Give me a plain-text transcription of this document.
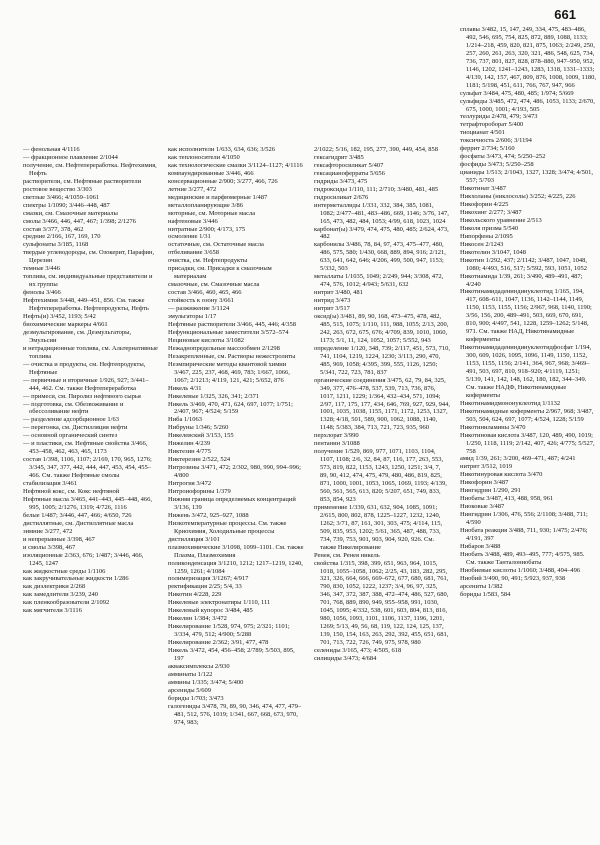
661
— фенольная 4/1116
— фракционное плавление 2/1044
получение, см. Нефтепереработка. Нефтехимия, Нефть
растворители, см. Нефтяные растворители
ростовое вещество 3/303
светлые 3/466; 4/1059–1061
спектры 1/1090; 3/446–448, 487
смазки, см. Смазочные материалы
смолы 3/466, 446, 447, 467; 1/398; 2/1276
состав 3/377, 378, 462
средние 2/166, 167, 169, 170
сульфонаты 3/185, 1168
твердые углеводороды, см. Озокерит, Парафин, Церезин
темные 3/446
топлива, см. индивидуальные представители и их группы
фенолы 3/466
Нефтехимия 3/448, 449–451, 856. См. также Нефтепереработка. Нефтепродукты, Нефть
Нефть(и) 3/452, 1193; 5/42
биохимические маркеры 4/661
деэмульгирование, см. Деэмульгаторы, Эмульсии
и нетрадиционные топлива, см. Альтернативные топлива
— очистка и продукты, см. Нефтепродукты, Нефтяные
— первичные и вторичные 1/926, 927; 3/441–444, 462. См. также Нефтепереработка
— примеси, см. Пиролиз нефтяного сырья
— подготовка, см. Обезвоживание и обессоливание нефти
— разделение адсорбционное 1/63
— перегонка, см. Дистилляция нефти
— основной органический синтез
— и пластики, см. Нефтяные свойства 3/466, 453–458, 462, 463, 465, 1173
состав 1/398, 1106, 1107; 2/169, 170, 965, 1276; 3/345, 347, 377, 442, 444, 447, 453, 454, 455–466. См. также Нефтяные смолы
стабилизация 3/461
Нефтяной кокс, см. Кокс нефтяной
Нефтяные масла 3/465, 441–443, 445–448, 466, 995, 1005; 2/1276, 1319; 4/726, 1116
белые 1/487; 3/446, 447, 466; 4/650, 726
дистиллятные, см. Дистиллятные масла
зимние 3/277, 472
и непрерывные 3/398, 467
и смолы 3/398, 467
изоляционные 2/363, 676; 1/487; 3/446, 466, 1245, 1247
как жидкостные среды 1/1106
как закручивательные жидкости 1/286
как диэлектрики 2/268
как замедлители 3/239, 240
как пленкообразователи 2/1092
как мягчители 3/1116
как исполнители 1/633, 634, 636; 3/526
как теплоносители 4/1050
как технологические смазки 3/1124–1127; 4/1116
компаундированные 3/446, 466
консервационные 2/900; 3/277, 466, 726
летние 3/277, 472
медицинские и парфюмерные 1/487
металлопланирующие 3/86
моторные, см. Моторные масла
нафтеновые 3/446
нитратные 2/900; 4/173, 175
осмоление 1/31
остаточные, см. Остаточные масла
отбеливание 3/658
очистка, см. Нефтепродукты
присадки, см. Присадки к смазочным материалам
смазочные, см. Смазочные масла
состав 3/466, 460, 465, 466
стойкость к озону 3/661
— разжижение 3/1124
эмульгаторы 1/17
Нефтяные растворители 3/466, 445, 446; 4/358
Нефункциональные заместители 3/572–574
Нециновые кислоты 3/1082
Нежаднопредельные массообмен 2/1298
Незакрепленные, см. Растворы нежестролиты
Неэмпирические методы квантовой химии 3/467, 225, 237, 468, 469, 783; 1/667, 1066, 1067; 2/1213; 4/119, 121, 421; 5/652, 876
Никель 4/31
Никелевые 1/325, 326, 341; 2/371
Никель 3/469, 470, 471, 624, 697, 1077; 1/751; 2/407, 967; 4/524; 5/159
Ниба 1/1063
Нибруны 1/346; 5/260
Никелевский 3/153, 155
Нижелин 4/239
Никтезин 4/775
Никтерезин 2/522, 524
Нитрозины 3/471, 472; 2/302, 980, 990, 994–996; 4/800
Нитрогия 3/472
Нитроиофорины 1/379
Нижняя граница определяемых концентраций 3/136, 139
Нижень 3/472, 925–927, 1088
Низкотемпературные процессы. См. также Криохимия, Холодильные процессы
дистилляция 3/101
плазмохимические 3/1098, 1099–1101. См. также Плазма, Плазмохимия
поликонденсация 3/1210, 1212; 1217–1219, 1240, 1259, 1261; 4/1084
полимеризация 3/1267; 4/917
ректификация 2/25; 5/4, 33
Никотин 4/228, 229
Никелевые электронатиры 1/110, 111
Никелевый купорос 3/484, 485
Никелин 1/384; 3/472
Никелирование 1/528, 974, 975; 2/321; 1101; 3/334, 479, 512; 4/900; 5/288
Никелирование 2/362; 3/91, 477, 478
Никель 3/472, 454, 456–458; 2/789; 5/503, 895, 197
акваксимплексы 2/930
амминаты 1/122
аммины 1/335; 3/474; 5/400
арсениды 5/609
бориды 1/703; 3/473
галогениды 3/478, 79, 89, 90, 346, 474, 477, 479–481, 512, 576, 1019; 1/341, 667, 668, 673, 970, 974, 983;
2/1022; 5/16, 182, 195, 277, 390, 449, 454, 858
гексагидрит 3/485
гексафторосиликат 5/407
гексацианоферраты 5/656
гидриды 3/473, 475
гидроксиды 1/110, 111; 2/710; 3/480, 481, 485
гидросиликат 2/676
интерметаллиды 1/331, 332, 384, 385, 1081, 1082; 2/477–481, 483–486, 669, 1146; 3/76, 147, 165, 473, 482, 484, 1053; 4/99, 618, 1023, 1024
карбонат(ы) 3/479, 474, 475, 480, 485; 2/624, 473, 482
карбонилы 3/486, 78, 84, 97, 473, 475–477, 480, 486, 575, 580; 1/430, 668, 889, 894, 916; 2/121, 633, 641, 642, 646; 4/206, 499, 500, 947, 1153; 5/332, 503
металлаты 1/1035, 1049; 2/249, 944; 3/308, 472, 474, 576, 1012; 4/943; 5/631, 632
нитрит 3/480, 481
нитрид 3/473
нитрит 3/517
оксид(ы) 3/481, 89, 90, 168, 473–475, 478, 482, 485, 515, 1075; 1/110, 111, 988, 1055; 2/13, 200, 242, 263, 672, 675, 676; 4/709, 839, 1010, 1060, 1173; 5/1, 11, 124, 1052, 1057; 5/552, 943
определение 1/120, 348, 739; 2/117, 451, 573, 710, 741, 1104, 1219, 1224, 1230; 3/113, 290, 470, 485, 969, 1058; 4/395, 399, 555, 1126, 1250; 5/341, 722, 723, 781, 837
органические соединения 3/475, 62, 79, 84, 325, 349, 377, 476–478, 537, 539, 713, 736, 876, 1017, 1211, 1229; 1/364, 432–434, 571, 1094; 2/97, 117, 175, 177, 434, 646, 769, 927, 929, 944, 1001, 1035, 1038, 1155, 1171, 1172, 1253, 1327, 1328; 4/18, 501, 589, 900, 1062, 1088, 1140, 1148; 5/383, 384, 713, 721, 723, 935, 960
перхлорат 3/990
пентанин 3/1088
получение 1/529, 869, 977, 1071, 1103, 1104, 1107, 1108; 2/6, 32, 84, 87, 116, 177, 263, 553, 573, 819, 822, 1153, 1243, 1250, 1251; 3/4, 7, 89, 90, 412, 474, 475, 479, 480, 486, 819, 825, 871, 1000, 1001, 1053, 1065, 1069, 1193; 4/139, 560, 561, 565, 613, 820; 5/207, 651, 749, 833, 853, 854, 923
применение 1/339, 631, 632, 904, 1085, 1091; 2/615, 800, 802, 878, 1225–1227, 1232, 1240, 1262; 3/71, 87, 161, 301, 303, 475; 4/114, 115, 509, 835, 953, 1202; 5/61, 365, 487, 488, 733, 734, 739, 753, 901, 903, 904, 920, 926. См. также Никелирование
Ренея, см. Ренея никель
свойства 1/315, 398, 399, 651, 963, 964, 1015, 1018, 1055–1058, 1062; 2/25, 43, 183, 282, 295, 321, 326, 664, 666, 669–672, 677, 680, 681, 761, 790, 830, 1052, 1222, 1237; 3/4, 96, 97, 325, 346, 347, 372, 387, 388, 472–474, 486, 527, 680, 701, 768, 889, 890, 949, 955–958, 991, 1030, 1045, 1095; 4/332, 538, 601, 603, 804, 813, 816, 980, 1056, 1093, 1101, 1106, 1137, 1196, 1201, 1269; 5/13, 49, 56, 68, 119, 122, 124, 125, 137, 139, 150, 154, 163, 263, 292, 392, 455, 651, 681, 701, 713, 722, 726, 749, 975, 978, 980
селениды 3/165, 473; 4/505, 618
силициды 3/473; 4/684
сплавы 3/482, 15, 147, 249, 334, 475, 483–486, 492, 546, 695, 754, 825, 872, 889, 1088, 1133; 1/214–218, 459, 820, 821, 875, 1063; 2/249, 250, 257, 260, 261, 263, 320, 321, 486, 548, 625, 734, 736, 737, 801, 827, 828, 878–880, 947–950, 952, 1146, 1202, 1241–1243, 1283, 1318, 1331–1333; 4/139, 142, 157, 467, 809, 876, 1008, 1009, 1180, 1181; 5/198, 451, 611, 766, 767, 947, 966
сульфат 3/484, 475, 480, 485; 1/974; 5/669
сульфиды 3/485, 472, 474, 486, 1053, 1133; 2/670, 675, 1000, 1001; 4/193, 505
теллуриды 2/478, 479; 3/473
тетрафтороборат 5/400
тиоцианат 4/501
токсичность 2/606; 3/1194
феррит 2/734; 5/160
фосфаты 3/473, 474; 5/250–252
фосфиды 3/473; 5/250–258
цианиды 1/513; 2/1043, 1327, 1328; 3/474; 4/501, 557; 5/703
Никотинат 3/487
Никхоланы (никлосолы) 3/252; 4/225, 226
Никофорин 4/225
Никохинг 2/277; 3/487
Никольского уравнение 2/513
Николя призма 5/540
Нипорфены 2/1095
Никосен 2/1243
Никотелин 3/1047, 1048
Никотин 1/292, 437; 2/1142; 3/487, 1047, 1048, 1080; 4/493, 516, 517; 5/592, 593, 1051, 1052
Никотиамида 1/39, 261; 3/490, 489–491, 487; 4/240
Никотинамидадениндинуклеотид 1/165, 194, 417, 608–611, 1047, 1136, 1142–1144, 1149, 1150, 1153, 1155, 1156; 2/967, 968, 1140, 1190; 3/56, 156, 200, 489–491, 503, 669, 670, 691, 810, 900; 4/497, 541, 1228, 1259–1262; 5/148, 971. См. также НАД, Никотинамидные коферменты
Никотинамидадениндинуклеотидфосфат 1/194, 300, 609, 1026, 1095, 1096, 1149, 1150, 1152, 1153, 1155, 1156; 2/141, 364, 967, 968; 3/469–491, 503, 697, 810, 918–920; 4/1119, 1251; 5/139, 141, 142, 148, 162, 180, 182, 344–349. См. также НАДФ, Никотинамидные коферменты
Никотинамидмононуклеотид 1/1132
Никотинамидные коферменты 2/967, 968; 3/487, 503, 504, 624, 697, 1077; 4/524, 1228; 5/159
Никотиниламины 3/470
Никотиновая кислота 3/487, 120, 489, 490, 1019; 1/250, 1118, 1119; 2/142, 407, 426; 4/775; 5/527, 758
амид 1/39, 261; 3/200, 469–471, 487; 4/241
нитрит 3/512, 1019
Никотинуровая кислота 3/470
Никофорин 3/487
Нингидрин 1/290, 291
Ниобаты 3/487, 413, 488, 958, 961
Ниоковые 3/487
Нингидрин 1/306, 476, 556; 2/1108; 3/488, 711; 4/590
Ниобата реакция 3/488, 711, 930; 1/475; 2/476; 4/191, 397
Нибаров 3/488
Ниобать 3/488, 489, 493–495, 777; 4/575, 985. См. также Танталониобаты
Ниобиевые кислоты 1/1060; 3/488, 494–496
Ниобий 3/490, 90, 491; 5/923, 937, 938
арсениты 1/382
бориды 1/583, 584
